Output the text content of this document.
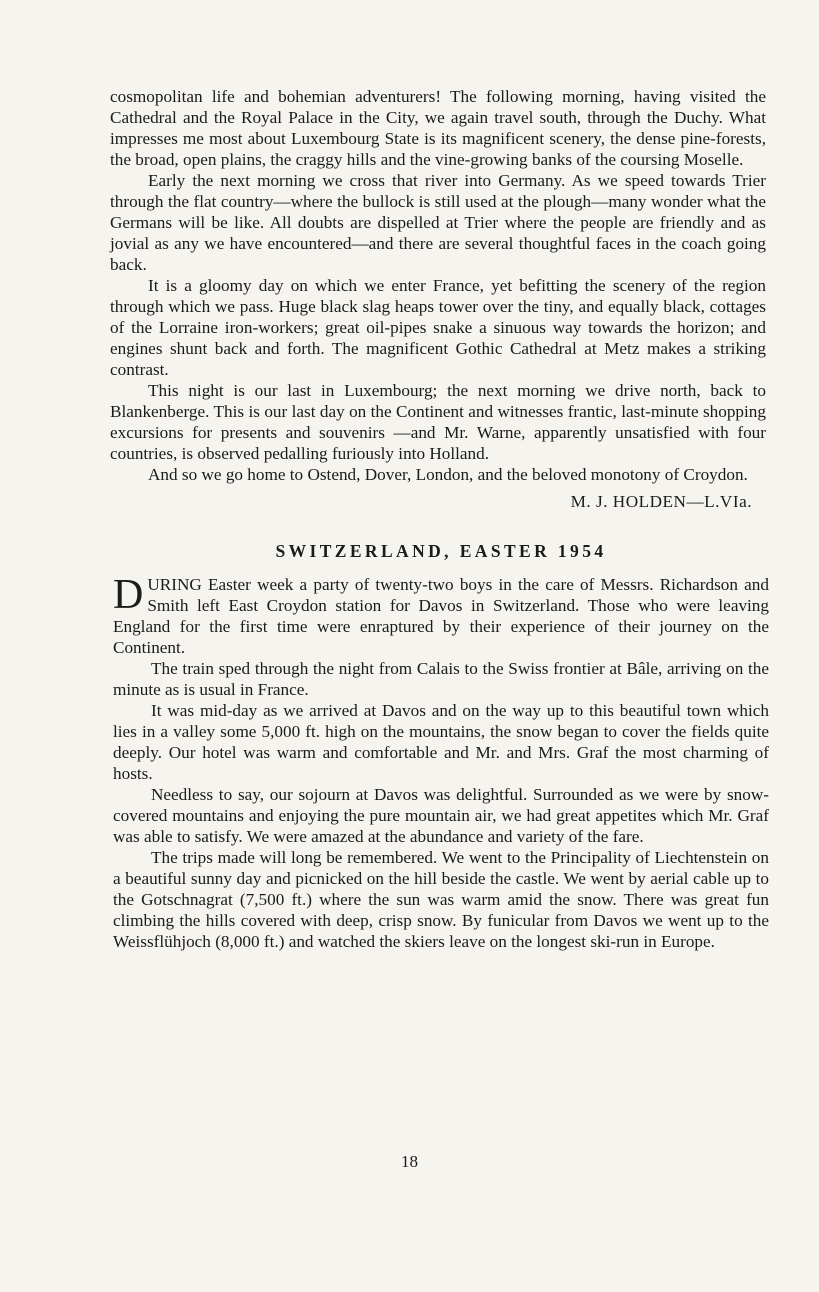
cosmopolitan life and bohemian adventurers! The following morning, having visited the Cathedral and the Royal Palace in the City, we again travel south, through the Duchy. What impresses me most about Luxembourg State is its magnificent scenery, the dense pine-forests, the broad, open plains, the craggy hills and the vine-growing banks of the coursing Moselle.

Early the next morning we cross that river into Germany. As we speed towards Trier through the flat country—where the bullock is still used at the plough—many wonder what the Germans will be like. All doubts are dispelled at Trier where the people are friendly and as jovial as any we have encountered—and there are several thoughtful faces in the coach going back.

It is a gloomy day on which we enter France, yet befitting the scenery of the region through which we pass. Huge black slag heaps tower over the tiny, and equally black, cottages of the Lorraine iron-workers; great oil-pipes snake a sinuous way towards the horizon; and engines shunt back and forth. The magnificent Gothic Cathedral at Metz makes a striking contrast.

This night is our last in Luxembourg; the next morning we drive north, back to Blankenberge. This is our last day on the Continent and witnesses frantic, last-minute shopping excursions for presents and souvenirs —and Mr. Warne, apparently unsatisfied with four countries, is observed pedalling furiously into Holland.

And so we go home to Ostend, Dover, London, and the beloved monotony of Croydon.

M. J. HOLDEN—L.VIa.

SWITZERLAND, EASTER 1954

DURING Easter week a party of twenty-two boys in the care of Messrs. Richardson and Smith left East Croydon station for Davos in Switzerland. Those who were leaving England for the first time were enraptured by their experience of their journey on the Continent.

The train sped through the night from Calais to the Swiss frontier at Bâle, arriving on the minute as is usual in France.

It was mid-day as we arrived at Davos and on the way up to this beautiful town which lies in a valley some 5,000 ft. high on the mountains, the snow began to cover the fields quite deeply. Our hotel was warm and comfortable and Mr. and Mrs. Graf the most charming of hosts.

Needless to say, our sojourn at Davos was delightful. Surrounded as we were by snow-covered mountains and enjoying the pure mountain air, we had great appetites which Mr. Graf was able to satisfy. We were amazed at the abundance and variety of the fare.

The trips made will long be remembered. We went to the Principality of Liechtenstein on a beautiful sunny day and picnicked on the hill beside the castle. We went by aerial cable up to the Gotschnagrat (7,500 ft.) where the sun was warm amid the snow. There was great fun climbing the hills covered with deep, crisp snow. By funicular from Davos we went up to the Weissflühjoch (8,000 ft.) and watched the skiers leave on the longest ski-run in Europe.

18
